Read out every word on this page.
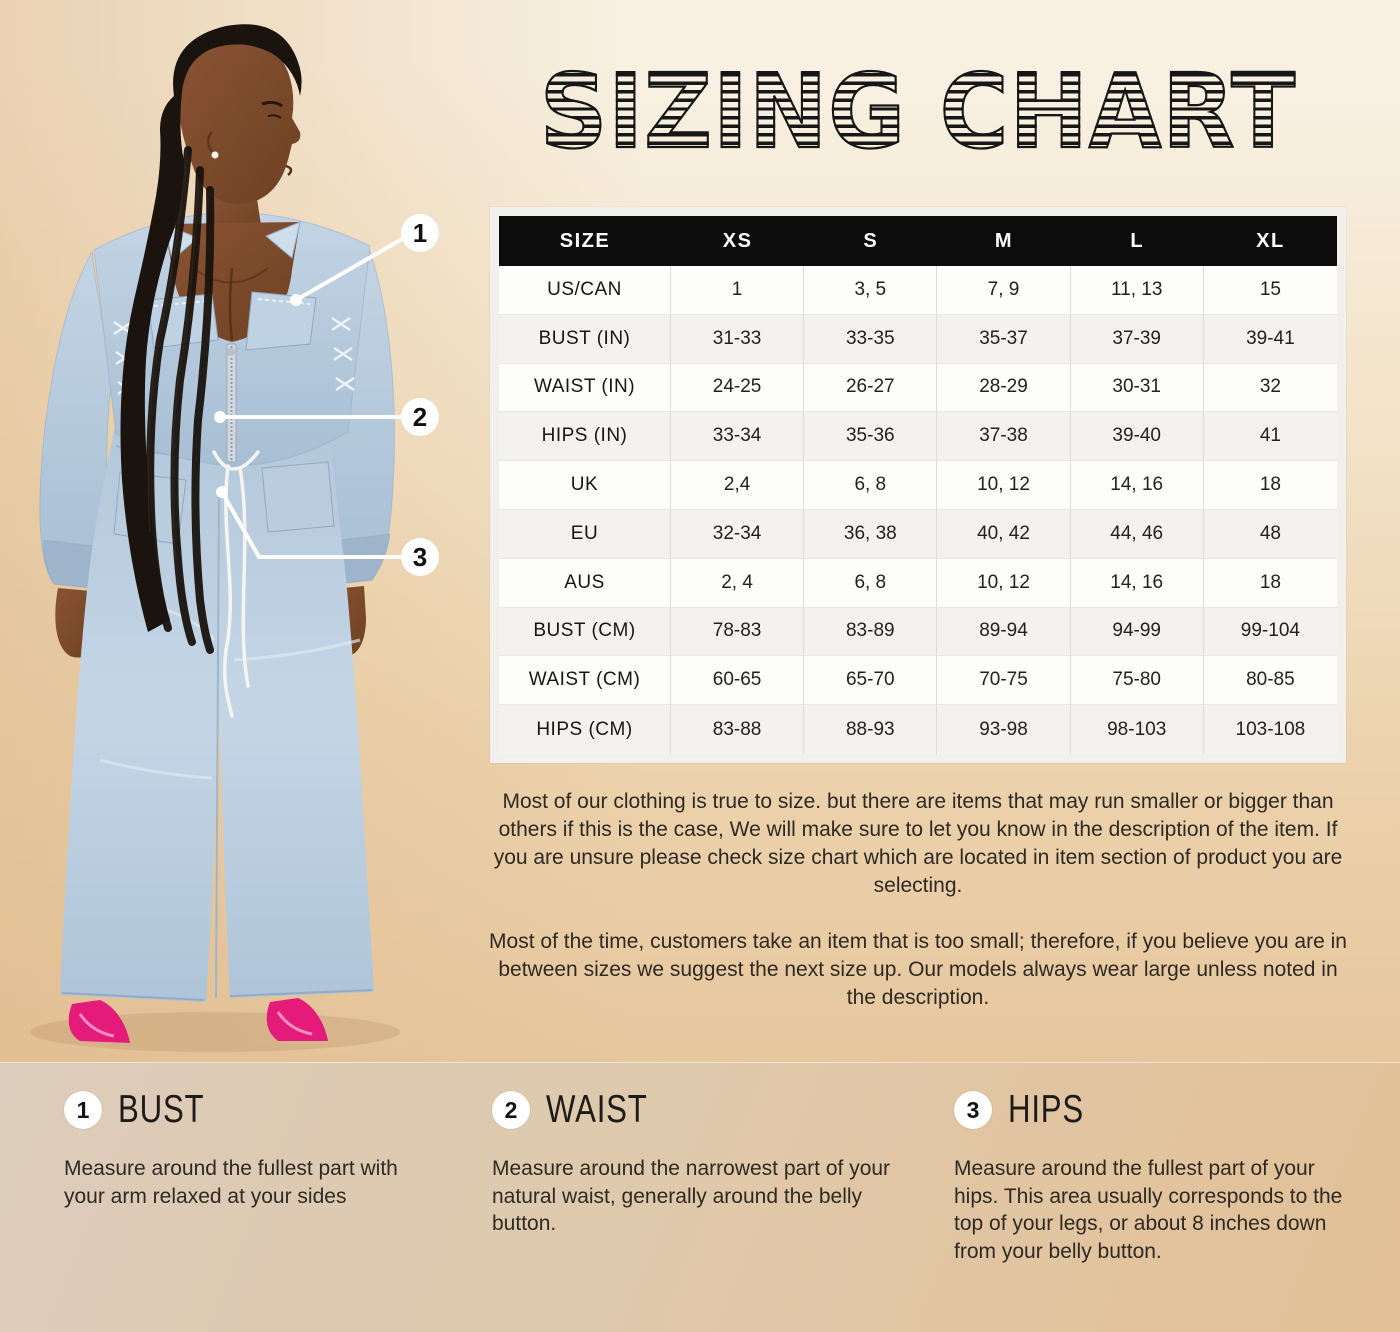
1
2
3
SIZING CHART
SIZE	XS	S	M	L	XL
US/CAN	1	3, 5	7, 9	11, 13	15
BUST (IN)	31-33	33-35	35-37	37-39	39-41
WAIST (IN)	24-25	26-27	28-29	30-31	32
HIPS (IN)	33-34	35-36	37-38	39-40	41
UK	2,4	6, 8	10, 12	14, 16	18
EU	32-34	36, 38	40, 42	44, 46	48
AUS	2, 4	6, 8	10, 12	14, 16	18
BUST (CM)	78-83	83-89	89-94	94-99	99-104
WAIST (CM)	60-65	65-70	70-75	75-80	80-85
HIPS (CM)	83-88	88-93	93-98	98-103	103-108

Most of our clothing is true to size. but there are items that may run smaller or bigger than others if this is the case, We will make sure to let you know in the description of the item. If you are unsure please check size chart which are located in item section of product you are selecting.

Most of the time, customers take an item that is too small; therefore, if you believe you are in between sizes we suggest the next size up. Our models always wear large unless noted in the description.

1 BUST

Measure around the fullest part with your arm relaxed at your sides

2 WAIST

Measure around the narrowest part of your natural waist, generally around the belly button.

3 HIPS

Measure around the fullest part of your hips. This area usually corresponds to the top of your legs, or about 8 inches down from your belly button.
